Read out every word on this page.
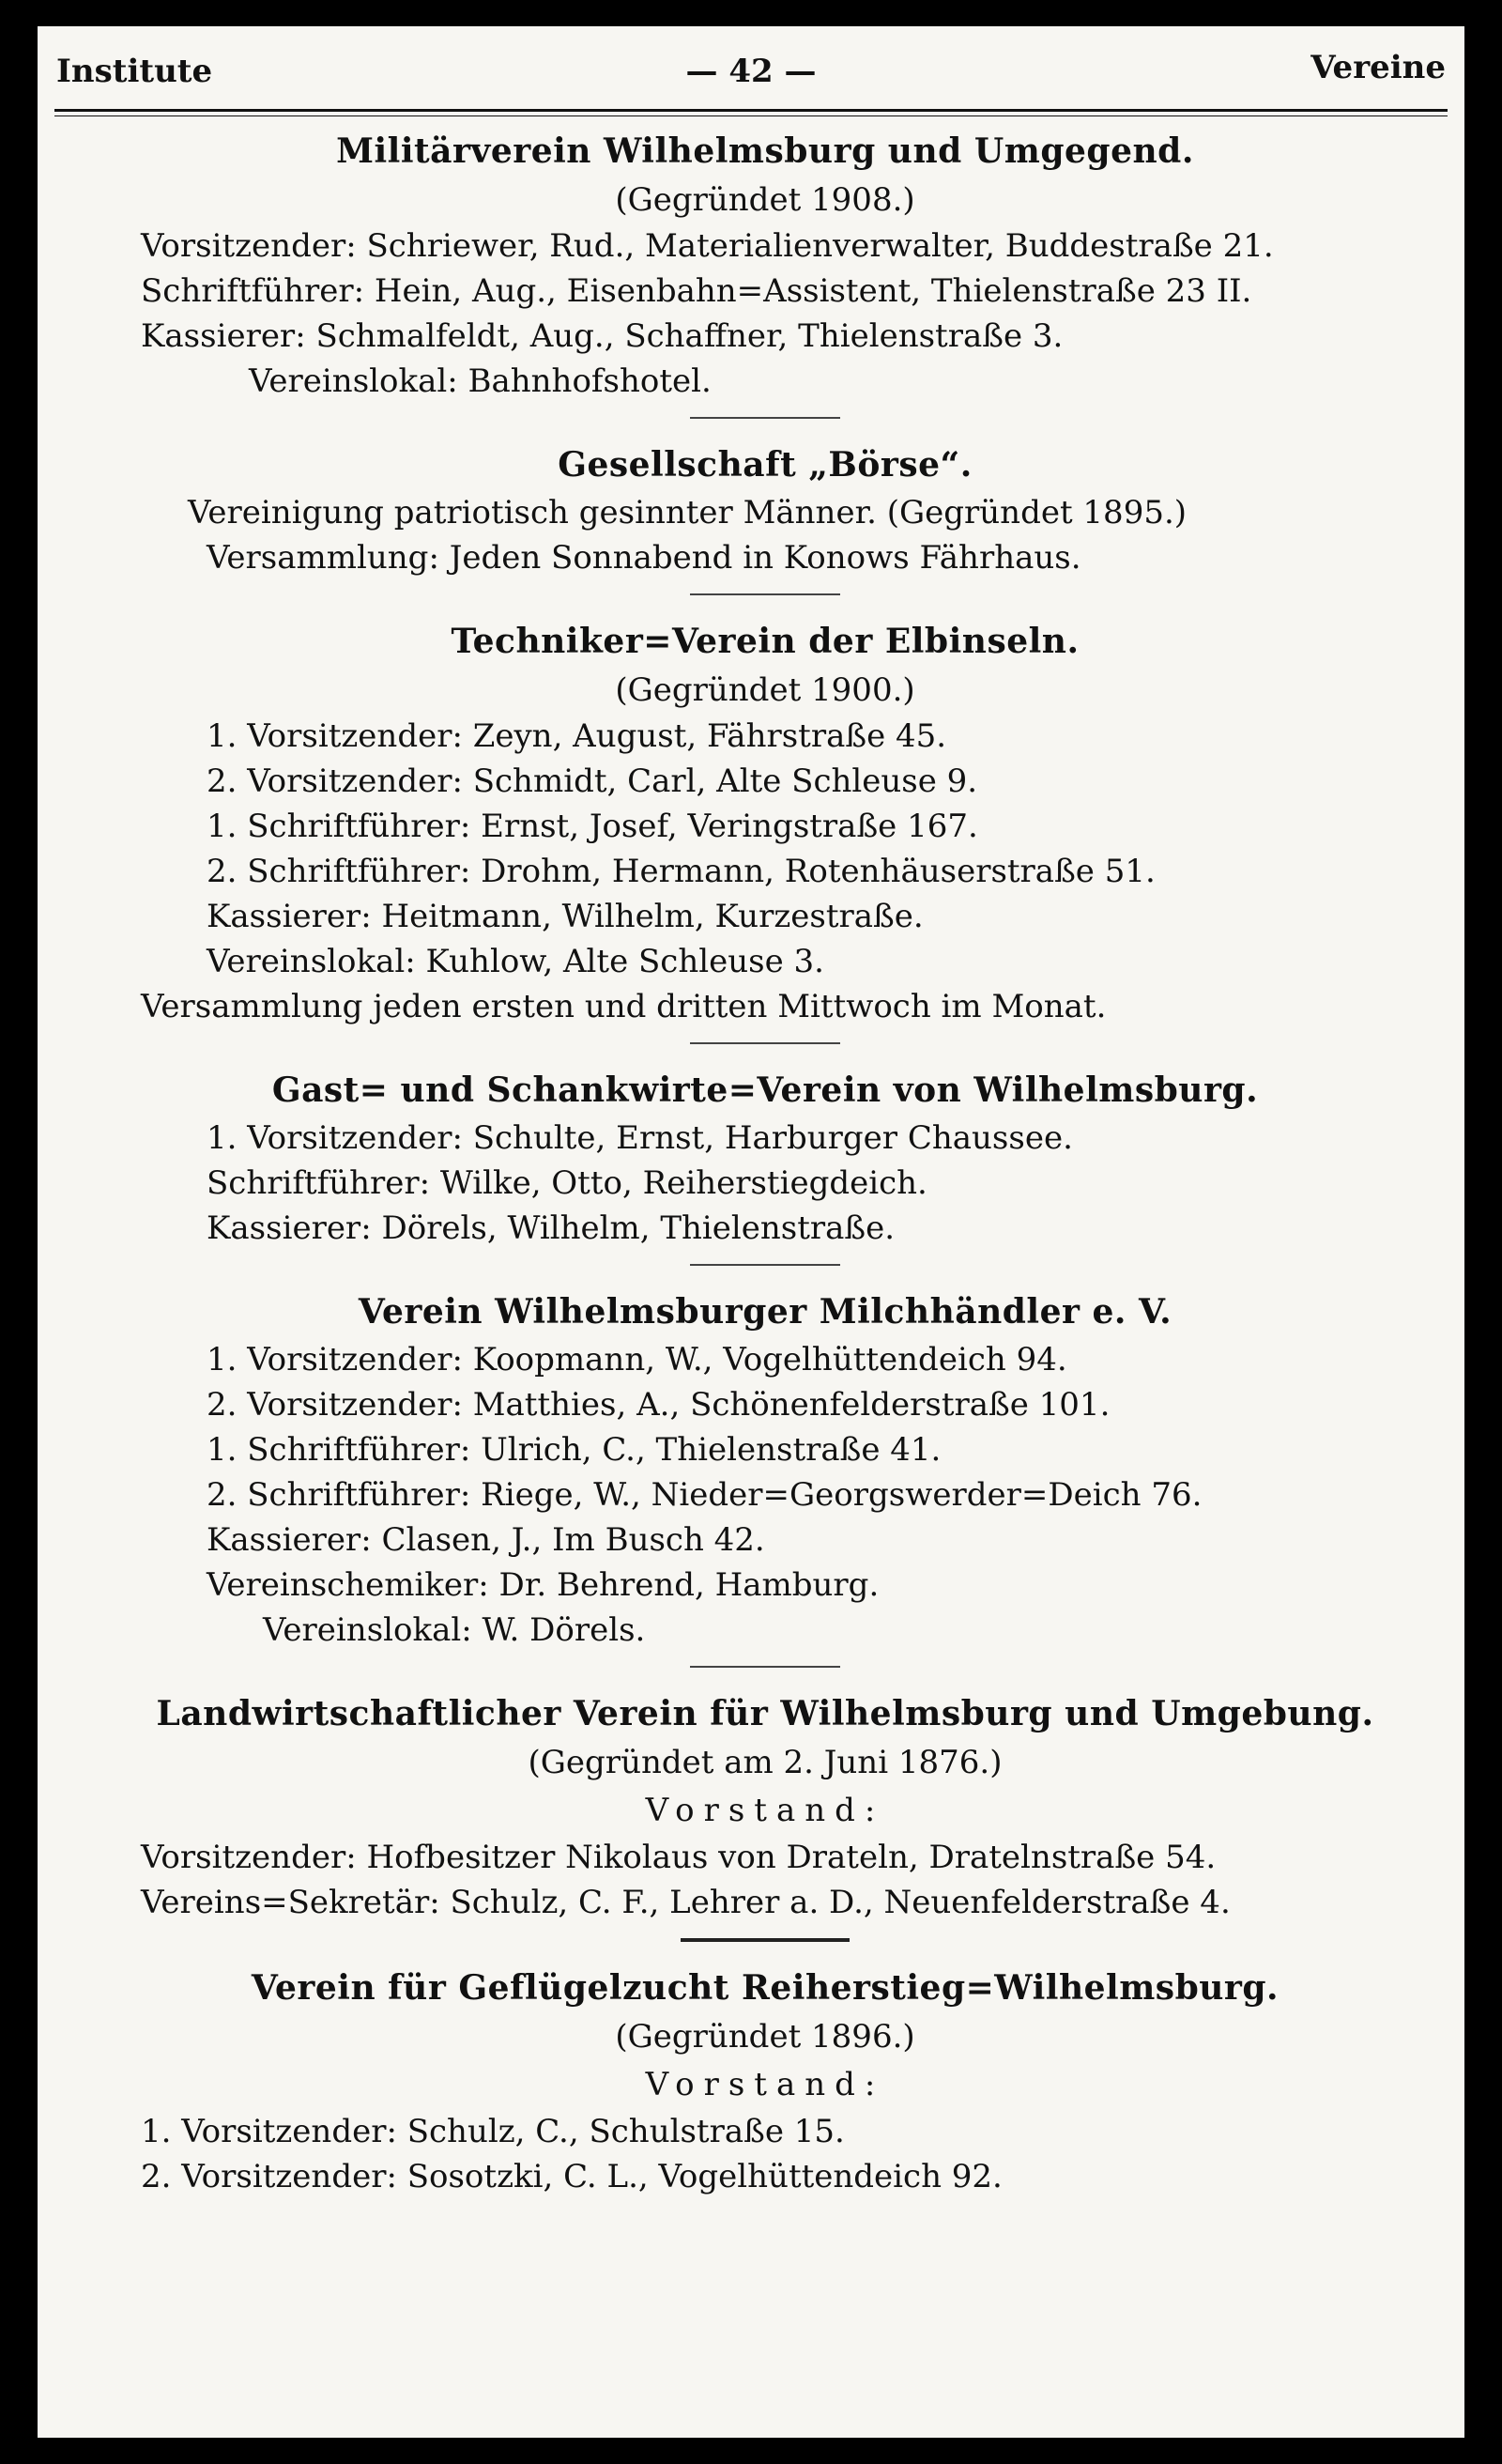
Institute	— 42 —	Vereine
Militärverein Wilhelmsburg und Umgegend.
(Gegründet 1908.)
Vorsitzender: Schriewer, Rud., Materialienverwalter, Buddestraße 21.
Schriftführer: Hein, Aug., Eisenbahn=Assistent, Thielenstraße 23 II.
Kassierer: Schmalfeldt, Aug., Schaffner, Thielenstraße 3.
Vereinslokal: Bahnhofshotel.
Gesellschaft „Börse“.
Vereinigung patriotisch gesinnter Männer. (Gegründet 1895.)
Versammlung: Jeden Sonnabend in Konows Fährhaus.
Techniker=Verein der Elbinseln.
(Gegründet 1900.)
1. Vorsitzender: Zeyn, August, Fährstraße 45.
2. Vorsitzender: Schmidt, Carl, Alte Schleuse 9.
1. Schriftführer: Ernst, Josef, Veringstraße 167.
2. Schriftführer: Drohm, Hermann, Rotenhäuserstraße 51.
Kassierer: Heitmann, Wilhelm, Kurzestraße.
Vereinslokal: Kuhlow, Alte Schleuse 3.
Versammlung jeden ersten und dritten Mittwoch im Monat.
Gast= und Schankwirte=Verein von Wilhelmsburg.
1. Vorsitzender: Schulte, Ernst, Harburger Chaussee.
Schriftführer: Wilke, Otto, Reiherstiegdeich.
Kassierer: Dörels, Wilhelm, Thielenstraße.
Verein Wilhelmsburger Milchhändler e. V.
1. Vorsitzender: Koopmann, W., Vogelhüttendeich 94.
2. Vorsitzender: Matthies, A., Schönenfelderstraße 101.
1. Schriftführer: Ulrich, C., Thielenstraße 41.
2. Schriftführer: Riege, W., Nieder=Georgswerder=Deich 76.
Kassierer: Clasen, J., Im Busch 42.
Vereinschemiker: Dr. Behrend, Hamburg.
Vereinslokal: W. Dörels.
Landwirtschaftlicher Verein für Wilhelmsburg und Umgebung.
(Gegründet am 2. Juni 1876.)
Vorstand:
Vorsitzender: Hofbesitzer Nikolaus von Drateln, Dratelnstraße 54.
Vereins=Sekretär: Schulz, C. F., Lehrer a. D., Neuenfelderstraße 4.
Verein für Geflügelzucht Reiherstieg=Wilhelmsburg.
(Gegründet 1896.)
Vorstand:
1. Vorsitzender: Schulz, C., Schulstraße 15.
2. Vorsitzender: Sosotzki, C. L., Vogelhüttendeich 92.
